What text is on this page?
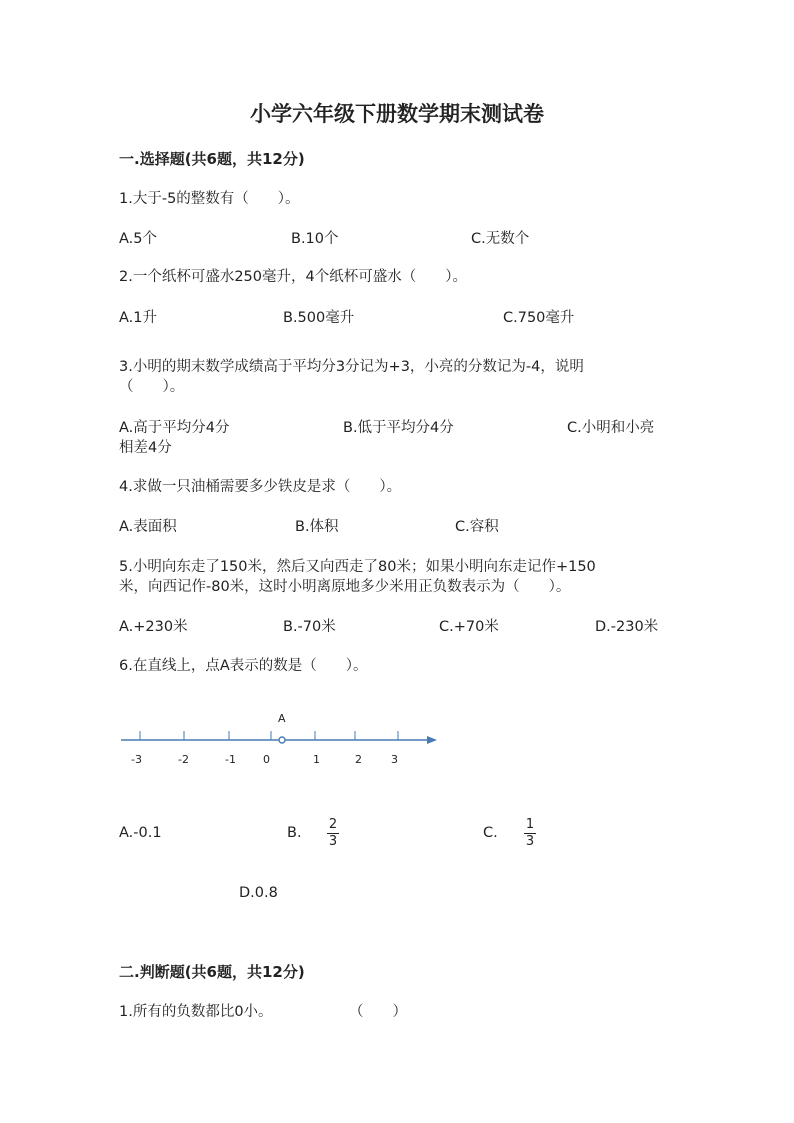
小学六年级下册数学期末测试卷
一.选择题(共6题，共12分)
1.大于-5的整数有（　　）。
A.5个	B.10个	C.无数个
2.一个纸杯可盛水250毫升，4个纸杯可盛水（　　）。
A.1升	B.500毫升	C.750毫升
3.小明的期末数学成绩高于平均分3分记为+3，小亮的分数记为-4，说明
（　　）。
A.高于平均分4分	B.低于平均分4分	C.小明和小亮
相差4分
4.求做一只油桶需要多少铁皮是求（　　）。
A.表面积	B.体积	C.容积
5.小明向东走了150米，然后又向西走了80米；如果小明向东走记作+150
米，向西记作-80米，这时小明离原地多少米用正负数表示为（　　）。
A.+230米	B.-70米	C.+70米	D.-230米
6.在直线上，点A表示的数是（　　）。
A
-3	-2	-1 0	1	2	3
A.-0.1	B.
2
3
C.
1
3
D.0.8
二.判断题(共6题，共12分)
1.所有的负数都比0小。	（　　）
